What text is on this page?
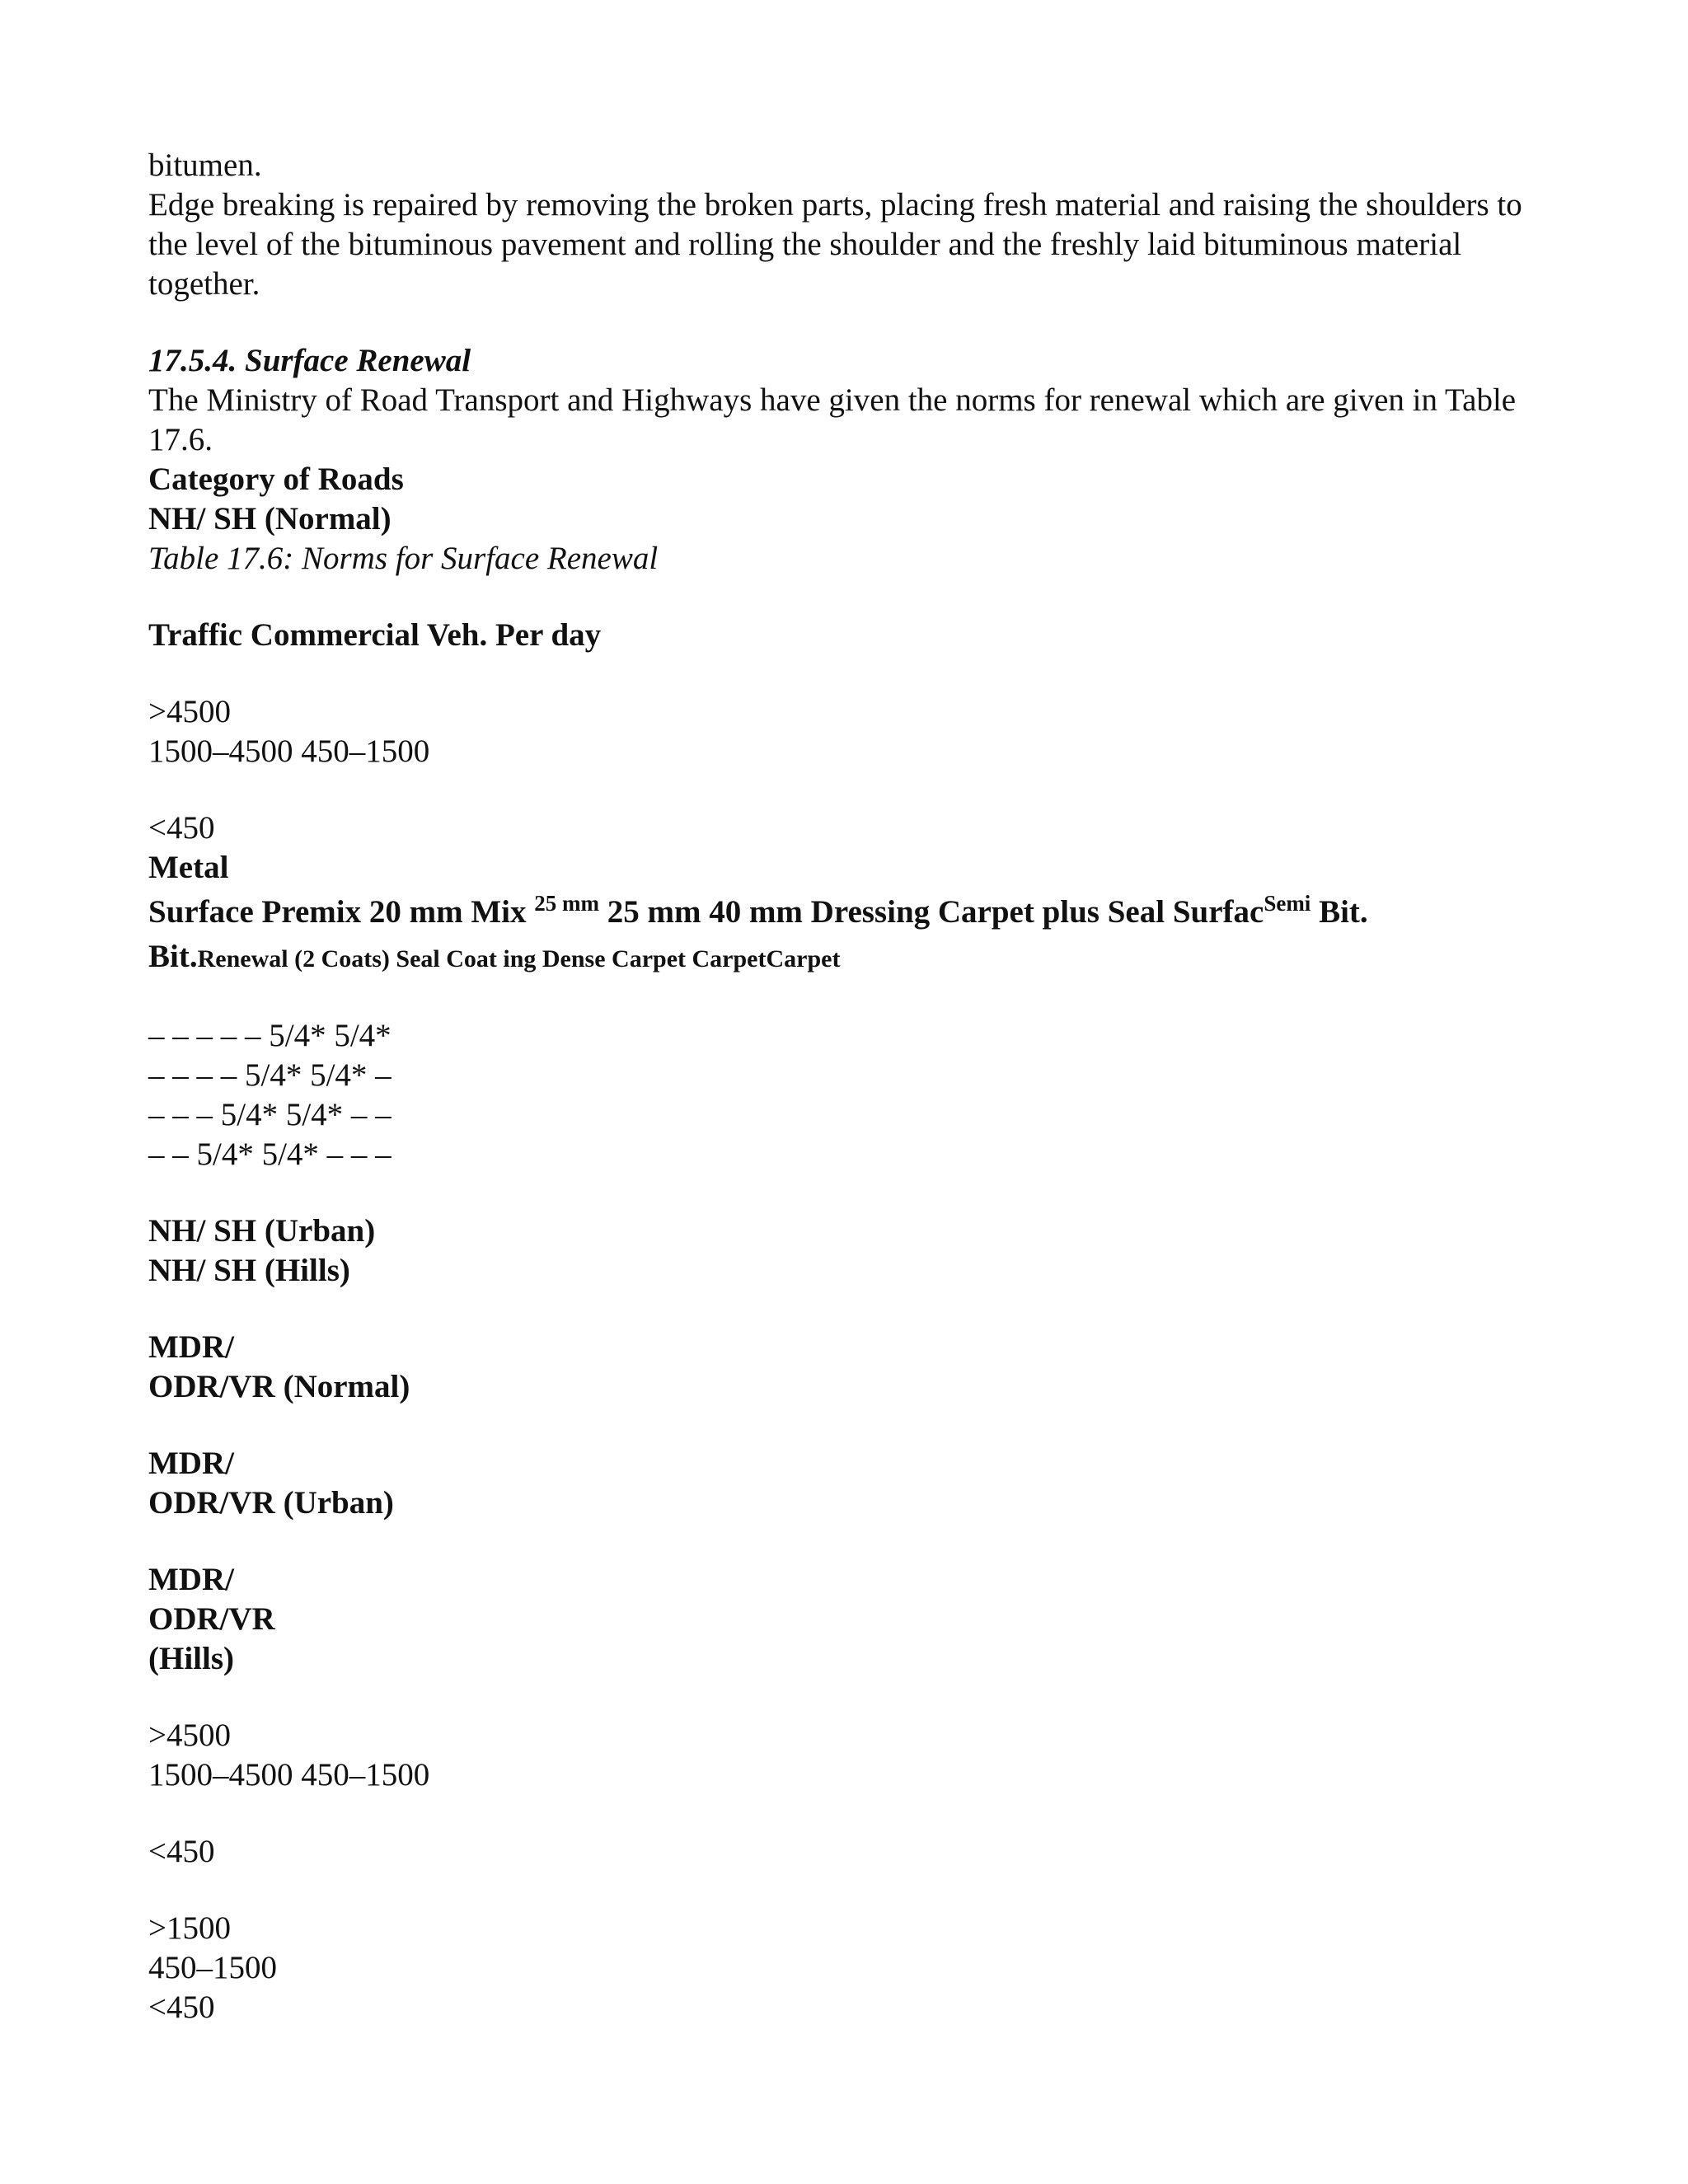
bitumen.
Edge breaking is repaired by removing the broken parts, placing fresh material and raising the shoulders to the level of the bituminous pavement and rolling the shoulder and the freshly laid bituminous material together.
17.5.4. Surface Renewal
The Ministry of Road Transport and Highways have given the norms for renewal which are given in Table 17.6.
Category of Roads
NH/ SH (Normal)
Table 17.6: Norms for Surface Renewal
Traffic Commercial Veh. Per day
>4500
1500–4500 450–1500
<450
Metal
Surface Premix 20 mm Mix $^{25 mm}$ 25 mm 40 mm Dressing Carpet plus Seal Surfac$^{Semi}$ Bit.
Bit.Renewal (2 Coats) Seal Coat ing Dense Carpet CarpetCarpet
– – – – – 5/4* 5/4*
– – – – 5/4* 5/4* –
– – – 5/4* 5/4* – –
– – 5/4* 5/4* – – –
NH/ SH (Urban)
NH/ SH (Hills)
MDR/
ODR/VR (Normal)
MDR/
ODR/VR (Urban)
MDR/
ODR/VR
(Hills)
>4500
1500–4500 450–1500
<450
>1500
450–1500
<450
